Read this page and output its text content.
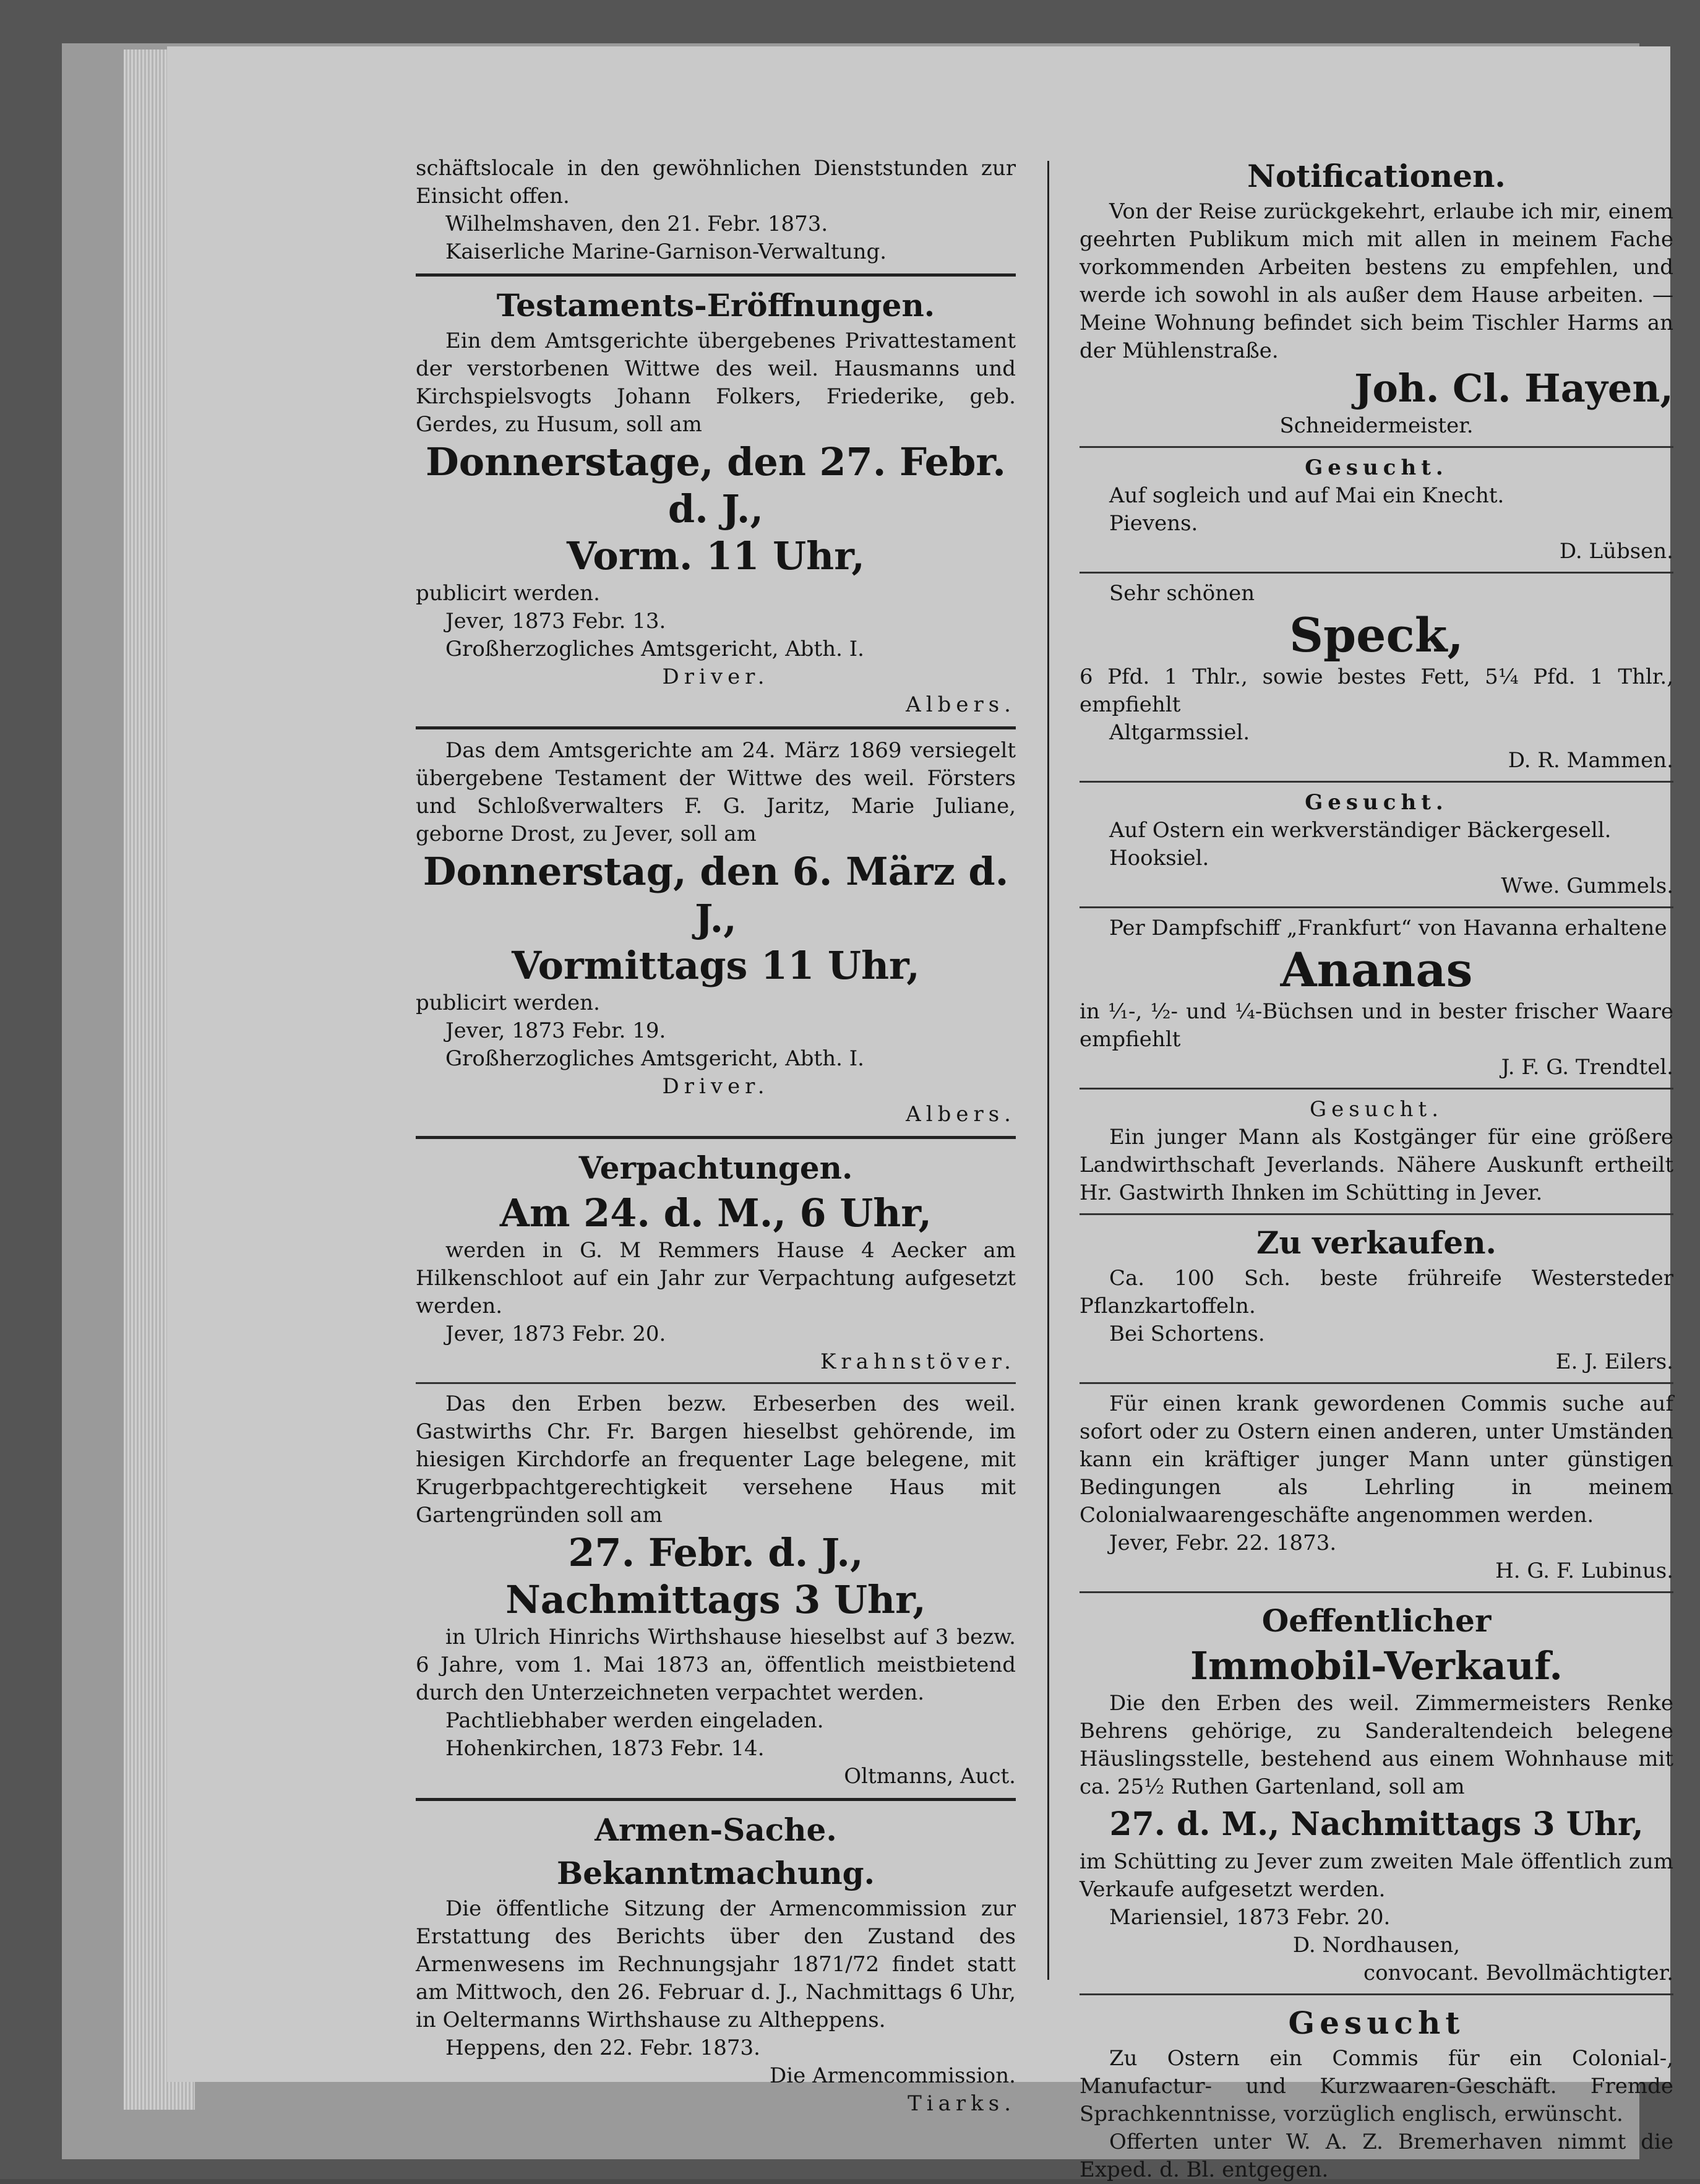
schäftslocale in den gewöhnlichen Dienststunden zur Einsicht offen.

Wilhelmshaven, den 21. Febr. 1873.

Kaiserliche Marine-Garnison-Verwaltung.

Testaments-Eröffnungen.

Ein dem Amtsgerichte übergebenes Privattestament der verstorbenen Wittwe des weil. Hausmanns und Kirchspielsvogts Johann Folkers, Friederike, geb. Gerdes, zu Husum, soll am

Donnerstage, den 27. Febr. d. J.,
Vorm. 11 Uhr,

publicirt werden.

Jever, 1873 Febr. 13.

Großherzogliches Amtsgericht, Abth. I.

Driver.

Albers.

Das dem Amtsgerichte am 24. März 1869 versiegelt übergebene Testament der Wittwe des weil. Försters und Schloßverwalters F. G. Jaritz, Marie Juliane, geborne Drost, zu Jever, soll am

Donnerstag, den 6. März d. J.,
Vormittags 11 Uhr,

publicirt werden.

Jever, 1873 Febr. 19.

Großherzogliches Amtsgericht, Abth. I.

Driver.

Albers.

Verpachtungen.
Am 24. d. M., 6 Uhr,

werden in G. M Remmers Hause 4 Aecker am Hilkenschloot auf ein Jahr zur Verpachtung aufgesetzt werden.

Jever, 1873 Febr. 20.

Krahnstöver.

Das den Erben bezw. Erbeserben des weil. Gastwirths Chr. Fr. Bargen hieselbst gehörende, im hiesigen Kirchdorfe an frequenter Lage belegene, mit Krugerbpachtgerechtigkeit versehene Haus mit Gartengründen soll am

27. Febr. d. J.,
Nachmittags 3 Uhr,

in Ulrich Hinrichs Wirthshause hieselbst auf 3 bezw. 6 Jahre, vom 1. Mai 1873 an, öffentlich meistbietend durch den Unterzeichneten verpachtet werden.

Pachtliebhaber werden eingeladen.

Hohenkirchen, 1873 Febr. 14.

Oltmanns, Auct.

Armen-Sache.
Bekanntmachung.

Die öffentliche Sitzung der Armencommission zur Erstattung des Berichts über den Zustand des Armenwesens im Rechnungsjahr 1871/72 findet statt am Mittwoch, den 26. Februar d. J., Nachmittags 6 Uhr, in Oeltermanns Wirthshause zu Altheppens.

Heppens, den 22. Febr. 1873.

Die Armencommission.

Tiarks.

Notificationen.

Von der Reise zurückgekehrt, erlaube ich mir, einem geehrten Publikum mich mit allen in meinem Fache vorkommenden Arbeiten bestens zu empfehlen, und werde ich sowohl in als außer dem Hause arbeiten. — Meine Wohnung befindet sich beim Tischler Harms an der Mühlenstraße.

Joh. Cl. Hayen,

Schneidermeister.

Gesucht.

Auf sogleich und auf Mai ein Knecht.

Pievens.

D. Lübsen.

Sehr schönen

Speck,

6 Pfd. 1 Thlr., sowie bestes Fett, 5¼ Pfd. 1 Thlr., empfiehlt

Altgarmssiel.

D. R. Mammen.

Gesucht.

Auf Ostern ein werkverständiger Bäckergesell.

Hooksiel.

Wwe. Gummels.

Per Dampfschiff „Frankfurt“ von Havanna erhaltene

Ananas

in ⅟₁-, ½- und ¼-Büchsen und in bester frischer Waare empfiehlt

J. F. G. Trendtel.

Gesucht.

Ein junger Mann als Kostgänger für eine größere Landwirthschaft Jeverlands. Nähere Auskunft ertheilt Hr. Gastwirth Ihnken im Schütting in Jever.

Zu verkaufen.

Ca. 100 Sch. beste frühreife Westersteder Pflanzkartoffeln.

Bei Schortens.

E. J. Eilers.

Für einen krank gewordenen Commis suche auf sofort oder zu Ostern einen anderen, unter Umständen kann ein kräftiger junger Mann unter günstigen Bedingungen als Lehrling in meinem Colonialwaarengeschäfte angenommen werden.

Jever, Febr. 22. 1873.

H. G. F. Lubinus.

Oeffentlicher
Immobil-Verkauf.

Die den Erben des weil. Zimmermeisters Renke Behrens gehörige, zu Sanderaltendeich belegene Häuslingsstelle, bestehend aus einem Wohnhause mit ca. 25½ Ruthen Gartenland, soll am

27. d. M., Nachmittags 3 Uhr,

im Schütting zu Jever zum zweiten Male öffentlich zum Verkaufe aufgesetzt werden.

Mariensiel, 1873 Febr. 20.

D. Nordhausen,

convocant. Bevollmächtigter.

Gesucht

Zu Ostern ein Commis für ein Colonial-, Manufactur- und Kurzwaaren-Geschäft. Fremde Sprachkenntnisse, vorzüglich englisch, erwünscht.

Offerten unter W. A. Z. Bremerhaven nimmt die Exped. d. Bl. entgegen.
